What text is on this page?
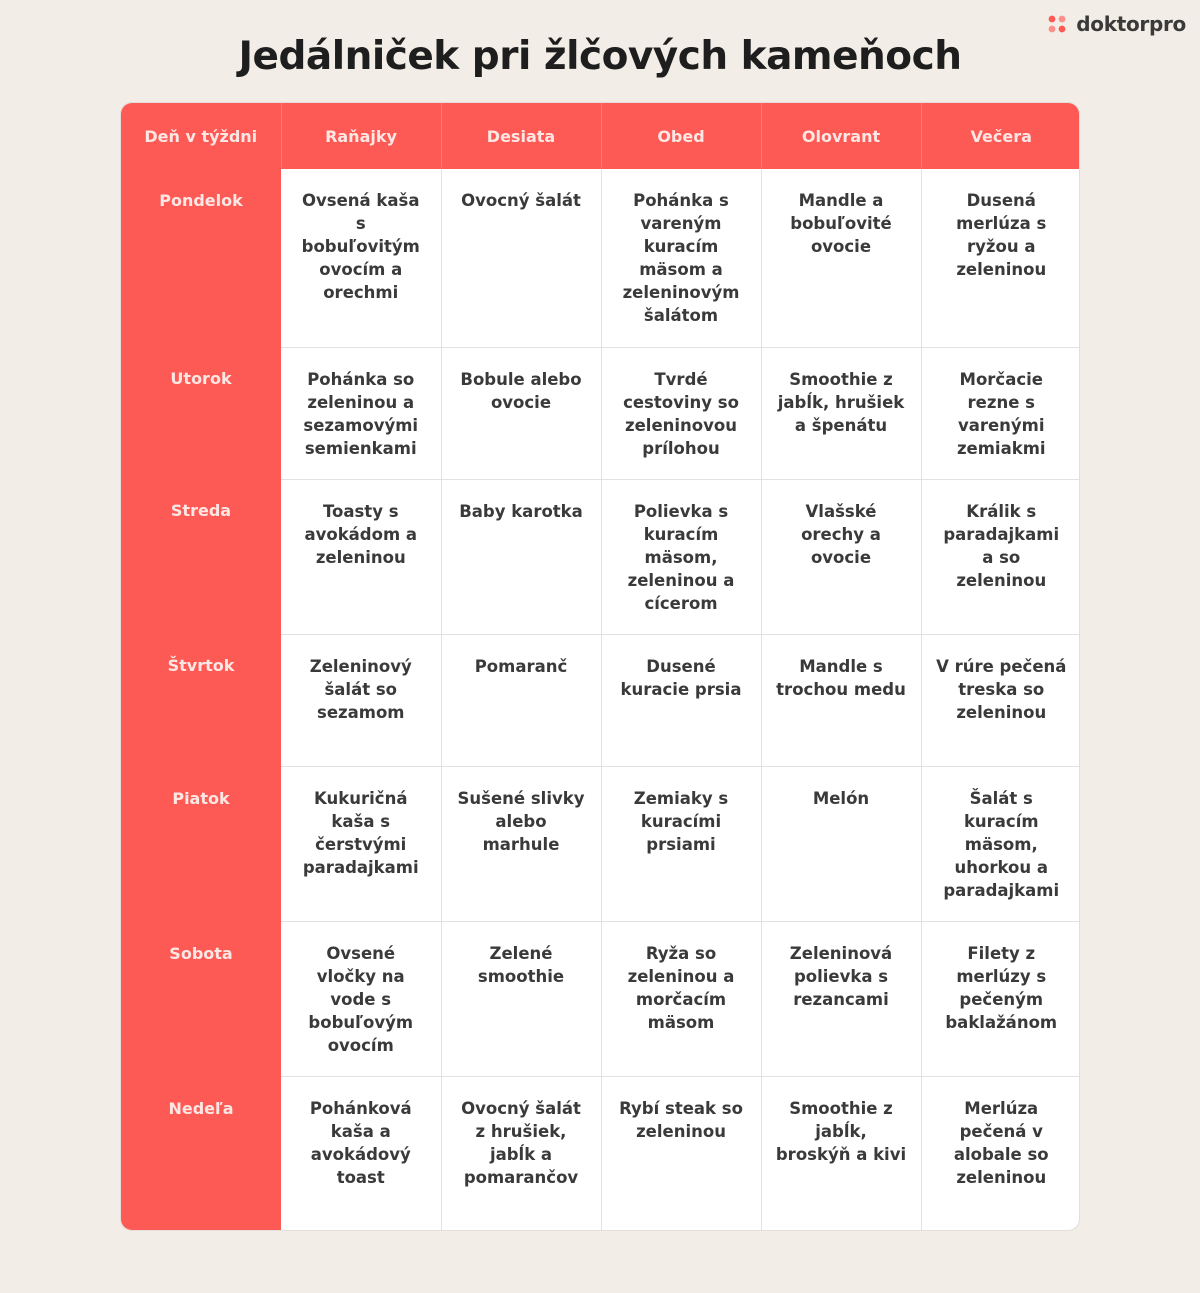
doktorpro
Jedálniček pri žlčových kameňoch
Deň v týždni	Raňajky	Desiata	Obed	Olovrant	Večera
Pondelok	Ovsená kaša s bobuľovitým ovocím a orechmi	Ovocný šalát	Pohánka s vareným kuracím mäsom a zeleninovým šalátom	Mandle a bobuľovité ovocie	Dusená merlúza s ryžou a zeleninou
Utorok	Pohánka so zeleninou a sezamovými semienkami	Bobule alebo ovocie	Tvrdé cestoviny so zeleninovou prílohou	Smoothie z jabĺk, hrušiek a špenátu	Morčacie rezne s varenými zemiakmi
Streda	Toasty s avokádom a zeleninou	Baby karotka	Polievka s kuracím mäsom, zeleninou a cícerom	Vlašské orechy a ovocie	Králik s paradajkami a so zeleninou
Štvrtok	Zeleninový šalát so sezamom	Pomaranč	Dusené kuracie prsia	Mandle s trochou medu	V rúre pečená treska so zeleninou
Piatok	Kukuričná kaša s čerstvými paradajkami	Sušené slivky alebo marhule	Zemiaky s kuracími prsiami	Melón	Šalát s kuracím mäsom, uhorkou a paradajkami
Sobota	Ovsené vločky na vode s bobuľovým ovocím	Zelené smoothie	Ryža so zeleninou a morčacím mäsom	Zeleninová polievka s rezancami	Filety z merlúzy s pečeným baklažánom
Nedeľa	Pohánková kaša a avokádový toast	Ovocný šalát z hrušiek, jabĺk a pomarančov	Rybí steak so zeleninou	Smoothie z jabĺk, broskýň a kivi	Merlúza pečená v alobale so zeleninou
